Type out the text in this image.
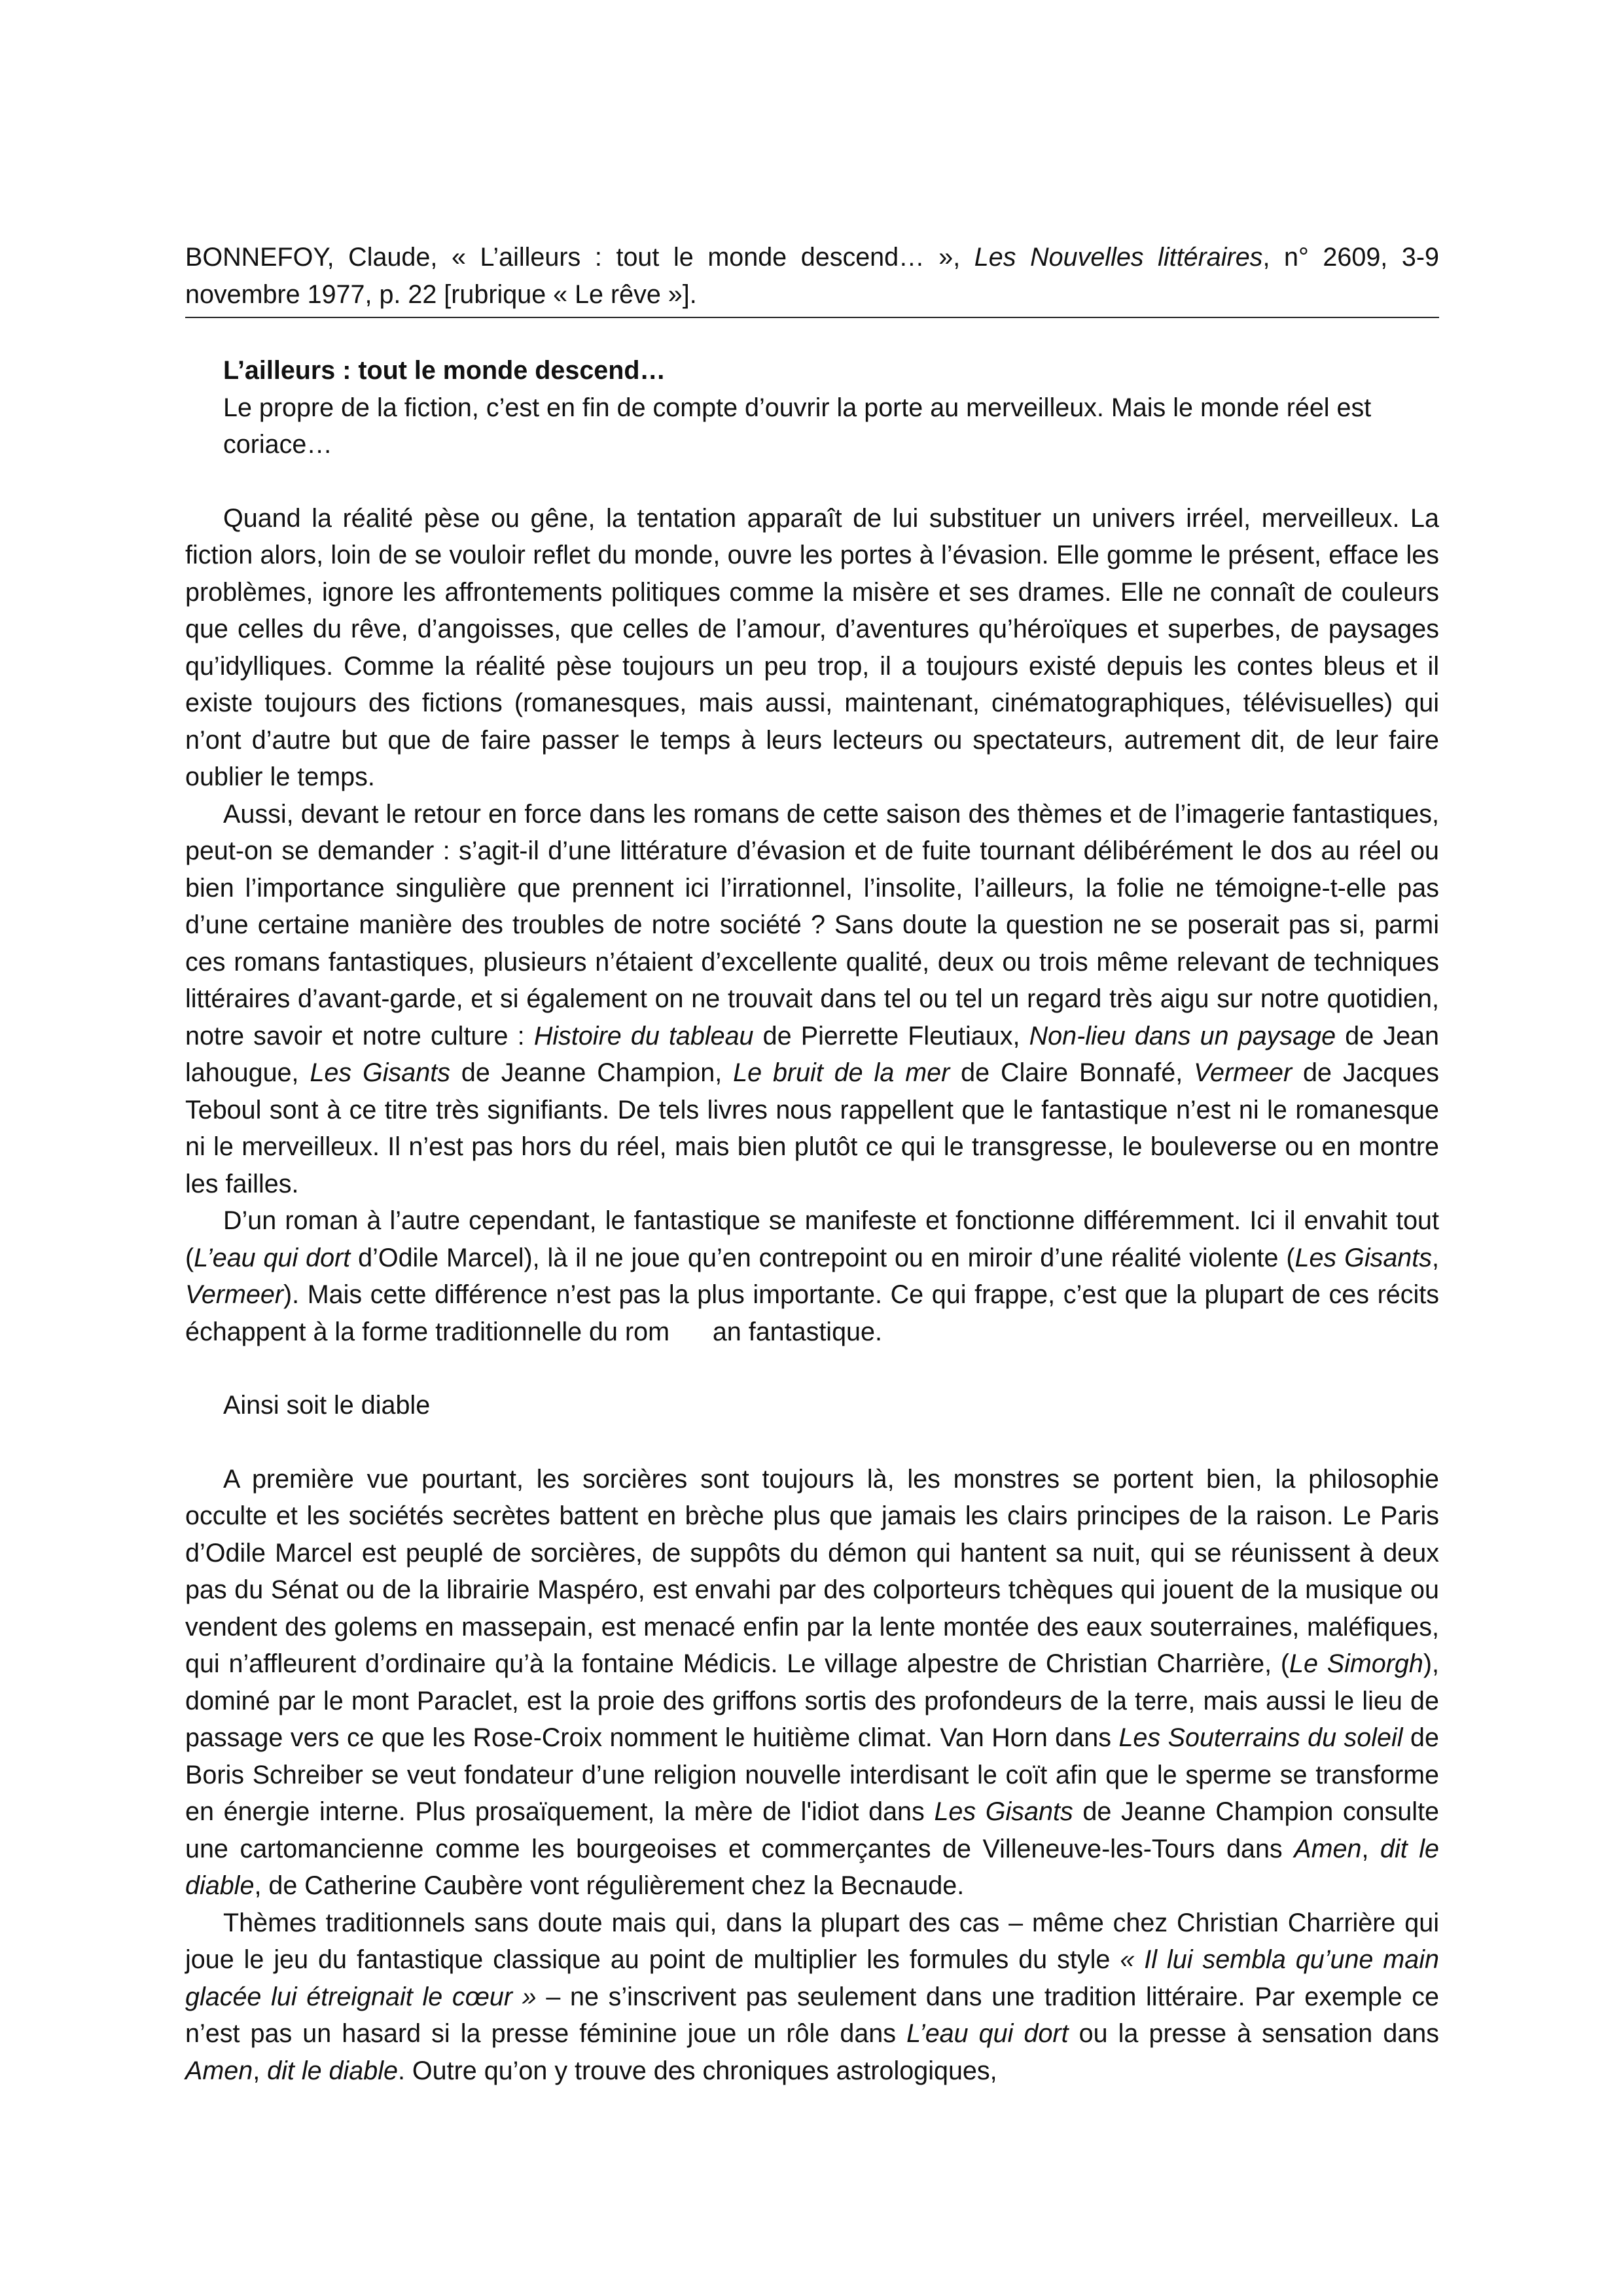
BONNEFOY, Claude, « L’ailleurs : tout le monde descend… », Les Nouvelles littéraires, n° 2609, 3-9 novembre 1977, p. 22 [rubrique « Le rêve »].

L’ailleurs : tout le monde descend…

Le propre de la fiction, c’est en fin de compte d’ouvrir la porte au merveilleux. Mais le monde réel est coriace…

Quand la réalité pèse ou gêne, la tentation apparaît de lui substituer un univers irréel, merveilleux. La fiction alors, loin de se vouloir reflet du monde, ouvre les portes à l’évasion. Elle gomme le présent, efface les problèmes, ignore les affrontements politiques comme la misère et ses drames. Elle ne connaît de couleurs que celles du rêve, d’angoisses, que celles de l’amour, d’aventures qu’héroïques et superbes, de paysages qu’idylliques. Comme la réalité pèse toujours un peu trop, il a toujours existé depuis les contes bleus et il existe toujours des fictions (romanesques, mais aussi, maintenant, cinématographiques, télévisuelles) qui n’ont d’autre but que de faire passer le temps à leurs lecteurs ou spectateurs, autrement dit, de leur faire oublier le temps.

Aussi, devant le retour en force dans les romans de cette saison des thèmes et de l’imagerie fantastiques, peut-on se demander : s’agit-il d’une littérature d’évasion et de fuite tournant délibérément le dos au réel ou bien l’importance singulière que prennent ici l’irrationnel, l’insolite, l’ailleurs, la folie ne témoigne-t-elle pas d’une certaine manière des troubles de notre société ? Sans doute la question ne se poserait pas si, parmi ces romans fantastiques, plusieurs n’étaient d’excellente qualité, deux ou trois même relevant de techniques littéraires d’avant-garde, et si également on ne trouvait dans tel ou tel un regard très aigu sur notre quotidien, notre savoir et notre culture : Histoire du tableau de Pierrette Fleutiaux, Non-lieu dans un paysage de Jean lahougue, Les Gisants de Jeanne Champion, Le bruit de la mer de Claire Bonnafé, Vermeer de Jacques Teboul sont à ce titre très signifiants. De tels livres nous rappellent que le fantastique n’est ni le romanesque ni le merveilleux. Il n’est pas hors du réel, mais bien plutôt ce qui le transgresse, le bouleverse ou en montre les failles.

D’un roman à l’autre cependant, le fantastique se manifeste et fonctionne différemment. Ici il envahit tout (L’eau qui dort d’Odile Marcel), là il ne joue qu’en contrepoint ou en miroir d’une réalité violente (Les Gisants, Vermeer). Mais cette différence n’est pas la plus importante. Ce qui frappe, c’est que la plupart de ces récits échappent à la forme traditionnelle du rom      an fantastique.

Ainsi soit le diable

A première vue pourtant, les sorcières sont toujours là, les monstres se portent bien, la philosophie occulte et les sociétés secrètes battent en brèche plus que jamais les clairs principes de la raison. Le Paris d’Odile Marcel est peuplé de sorcières, de suppôts du démon qui hantent sa nuit, qui se réunissent à deux pas du Sénat ou de la librairie Maspéro, est envahi par des colporteurs tchèques qui jouent de la musique ou vendent des golems en massepain, est menacé enfin par la lente montée des eaux souterraines, maléfiques, qui n’affleurent d’ordinaire qu’à la fontaine Médicis. Le village alpestre de Christian Charrière, (Le Simorgh), dominé par le mont Paraclet, est la proie des griffons sortis des profondeurs de la terre, mais aussi le lieu de passage vers ce que les Rose-Croix nomment le huitième climat. Van Horn dans Les Souterrains du soleil de Boris Schreiber se veut fondateur d’une religion nouvelle interdisant le coït afin que le sperme se transforme en énergie interne. Plus prosaïquement, la mère de l'idiot dans Les Gisants de Jeanne Champion consulte une cartomancienne comme les bourgeoises et commerçantes de Villeneuve-les-Tours dans Amen, dit le diable, de Catherine Caubère vont régulièrement chez la Becnaude.

Thèmes traditionnels sans doute mais qui, dans la plupart des cas – même chez Christian Charrière qui joue le jeu du fantastique classique au point de multiplier les formules du style « Il lui sembla qu’une main glacée lui étreignait le cœur » – ne s’inscrivent pas seulement dans une tradition littéraire. Par exemple ce n’est pas un hasard si la presse féminine joue un rôle dans L’eau qui dort ou la presse à sensation dans Amen, dit le diable. Outre qu’on y trouve des chroniques astrologiques,
